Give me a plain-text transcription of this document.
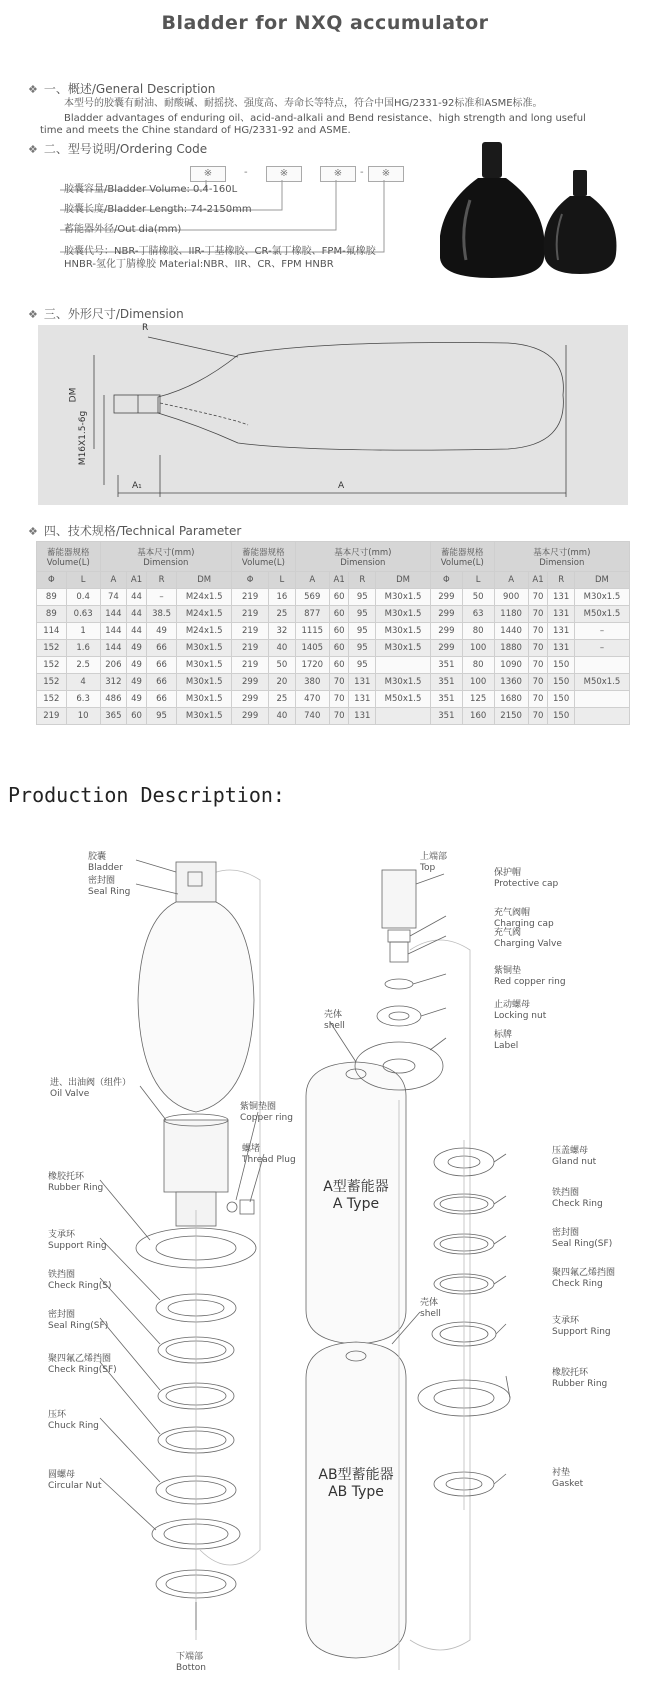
Bladder for NXQ accumulator
❖ 一、概述/General Description
本型号的胶囊有耐油、耐酸碱、耐摇挠、强度高、寿命长等特点，符合中国HG/2331-92标准和ASME标准。
Bladder advantages of enduring oil、acid-and-alkali and Bend resistance、high strength and long useful
time and meets the Chine standard of HG/2331-92 and ASME.
❖ 二、型号说明/Ordering Code
※	-	※	※	-	※
胶囊容量/Bladder Volume: 0.4-160L
胶囊长度/Bladder Length: 74-2150mm
蓄能器外径/Out dia(mm)
胶囊代号：NBR-丁腈橡胶、IIR-丁基橡胶、CR-氯丁橡胶、FPM-氟橡胶
HNBR-氢化丁腈橡胶 Material:NBR、IIR、CR、FPM HNBR
❖ 三、外形尺寸/Dimension
R
DM
M16X1.5-6g
A₁	A
❖ 四、技术规格/Technical Parameter
蓄能器规格
Volume(L)		基本尺寸(mm)
Dimension				蓄能器规格
Volume(L)		基本尺寸(mm)
Dimension				蓄能器规格
Volume(L)		基本尺寸(mm)
Dimension			
Φ	L	A	A1	R	DM	Φ	L	A	A1	R	DM	Φ	L	A	A1	R	DM
89	0.4	74	44	–	M24x1.5	219	16	569	60	95	M30x1.5	299	50	900	70	131	M30x1.5
89	0.63	144	44	38.5	M24x1.5	219	25	877	60	95	M30x1.5	299	63	1180	70	131	M50x1.5
114	1	144	44	49	M24x1.5	219	32	1115	60	95	M30x1.5	299	80	1440	70	131	–
152	1.6	144	49	66	M30x1.5	219	40	1405	60	95	M30x1.5	299	100	1880	70	131	–
152	2.5	206	49	66	M30x1.5	219	50	1720	60	95		351	80	1090	70	150	
152	4	312	49	66	M30x1.5	299	20	380	70	131	M30x1.5	351	100	1360	70	150	M50x1.5
152	6.3	486	49	66	M30x1.5	299	25	470	70	131	M50x1.5	351	125	1680	70	150	
219	10	365	60	95	M30x1.5	299	40	740	70	131		351	160	2150	70	150	
Production Description:
胶囊
Bladder
密封圈
Seal Ring
进、出油阀（组件）
Oil Valve
紫铜垫圈
Copper ring
螺堵
Thread Plug
橡胶托环
Rubber Ring
支承环
Support Ring
铁挡圈
Check Ring(S)
密封圈
Seal Ring(SF)
聚四氟乙烯挡圈
Check Ring(SF)
压环
Chuck Ring
圆螺母
Circular Nut
下端部
Botton
上端部
Top	保护帽
Protective cap
充气阀帽
Charging cap
充气阀
Charging Valve
紫铜垫
Red copper ring
止动螺母
Locking nut
标牌
Label
压盖螺母
Gland nut
铁挡圈
Check Ring
密封圈
Seal Ring(SF)
聚四氟乙烯挡圈
Check Ring
支承环
Support Ring
橡胶托环
Rubber Ring
衬垫
Gasket
壳体
shell
壳体
shell
A型蓄能器
A Type
AB型蓄能器
AB Type
